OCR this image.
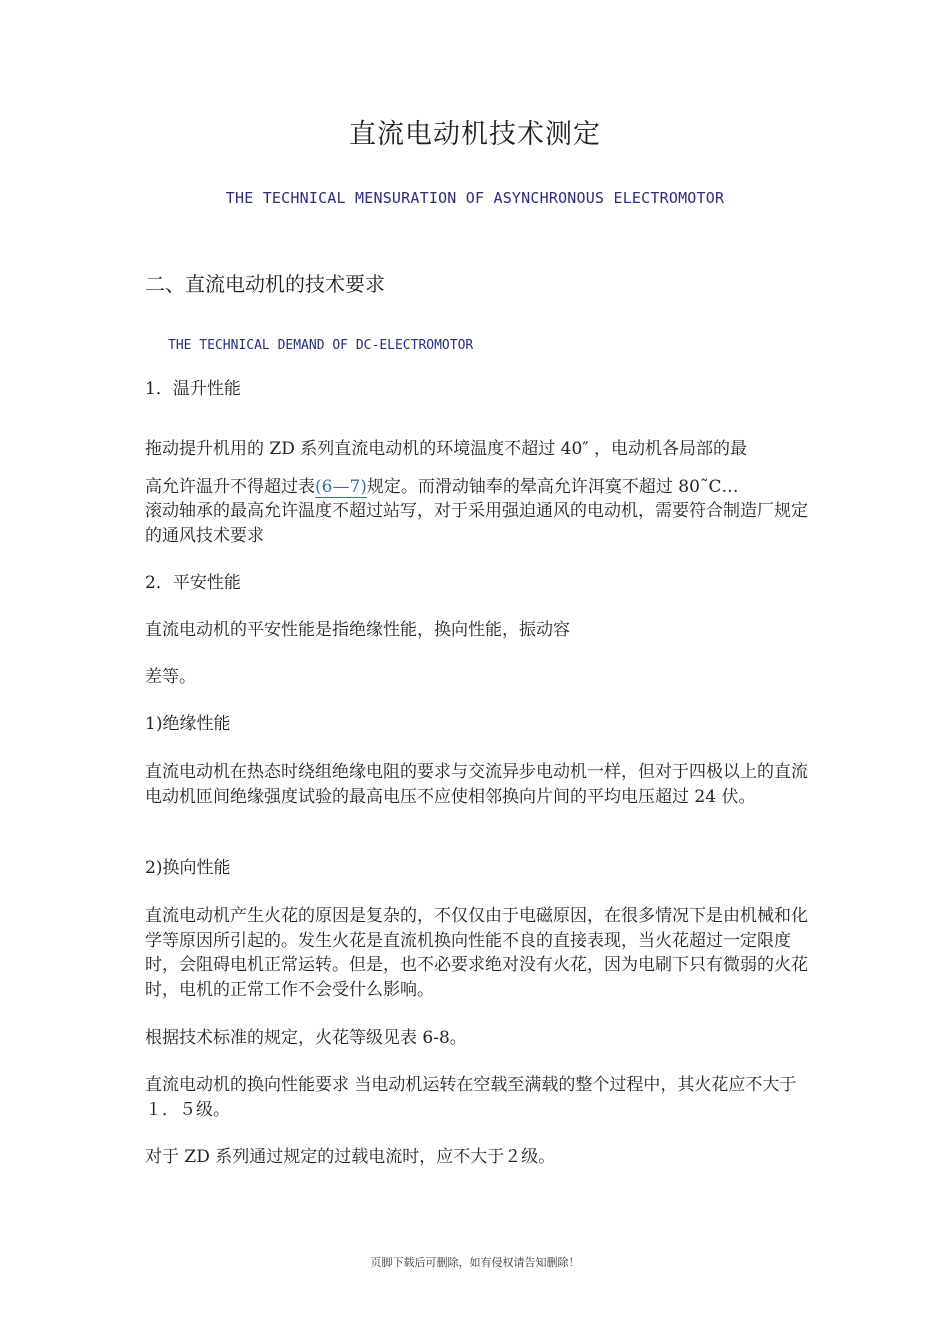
直流电动机技术测定
THE TECHNICAL MENSURATION OF ASYNCHRONOUS ELECTROMOTOR
二、直流电动机的技术要求
THE TECHNICAL DEMAND OF DC-ELECTROMOTOR
1．温升性能
拖动提升机用的 ZD 系列直流电动机的环境温度不超过 40″ ，电动机各局部的最
高允许温升不得超过表(6—7)规定。而滑动铀奉的晕高允许洱寞不超过 80˜C…
滚动轴承的最高允许温度不超过站写，对于采用强迫通风的电动机，需要符合制造厂规定的通风技术要求
2．平安性能
直流电动机的平安性能是指绝缘性能，换向性能，振动容
差等。
1)绝缘性能
直流电动机在热态时绕组绝缘电阻的要求与交流异步电动机一样，但对于四极以上的直流电动机匝间绝缘强度试验的最高电压不应使相邻换向片间的平均电压超过 24 伏。
2)换向性能
直流电动机产生火花的原因是复杂的，不仅仅由于电磁原因，在很多情况下是由机械和化学等原因所引起的。发生火花是直流机换向性能不良的直接表现，当火花超过一定限度时，会阻碍电机正常运转。但是，也不必要求绝对没有火花，因为电刷下只有微弱的火花时，电机的正常工作不会受什么影响。
根据技术标准的规定，火花等级见表 6-8。
直流电动机的换向性能要求 当电动机运转在空载至满载的整个过程中，其火花应不大于１．５级。
对于 ZD 系列通过规定的过载电流时，应不大于２级。
页脚下载后可删除，如有侵权请告知删除！
